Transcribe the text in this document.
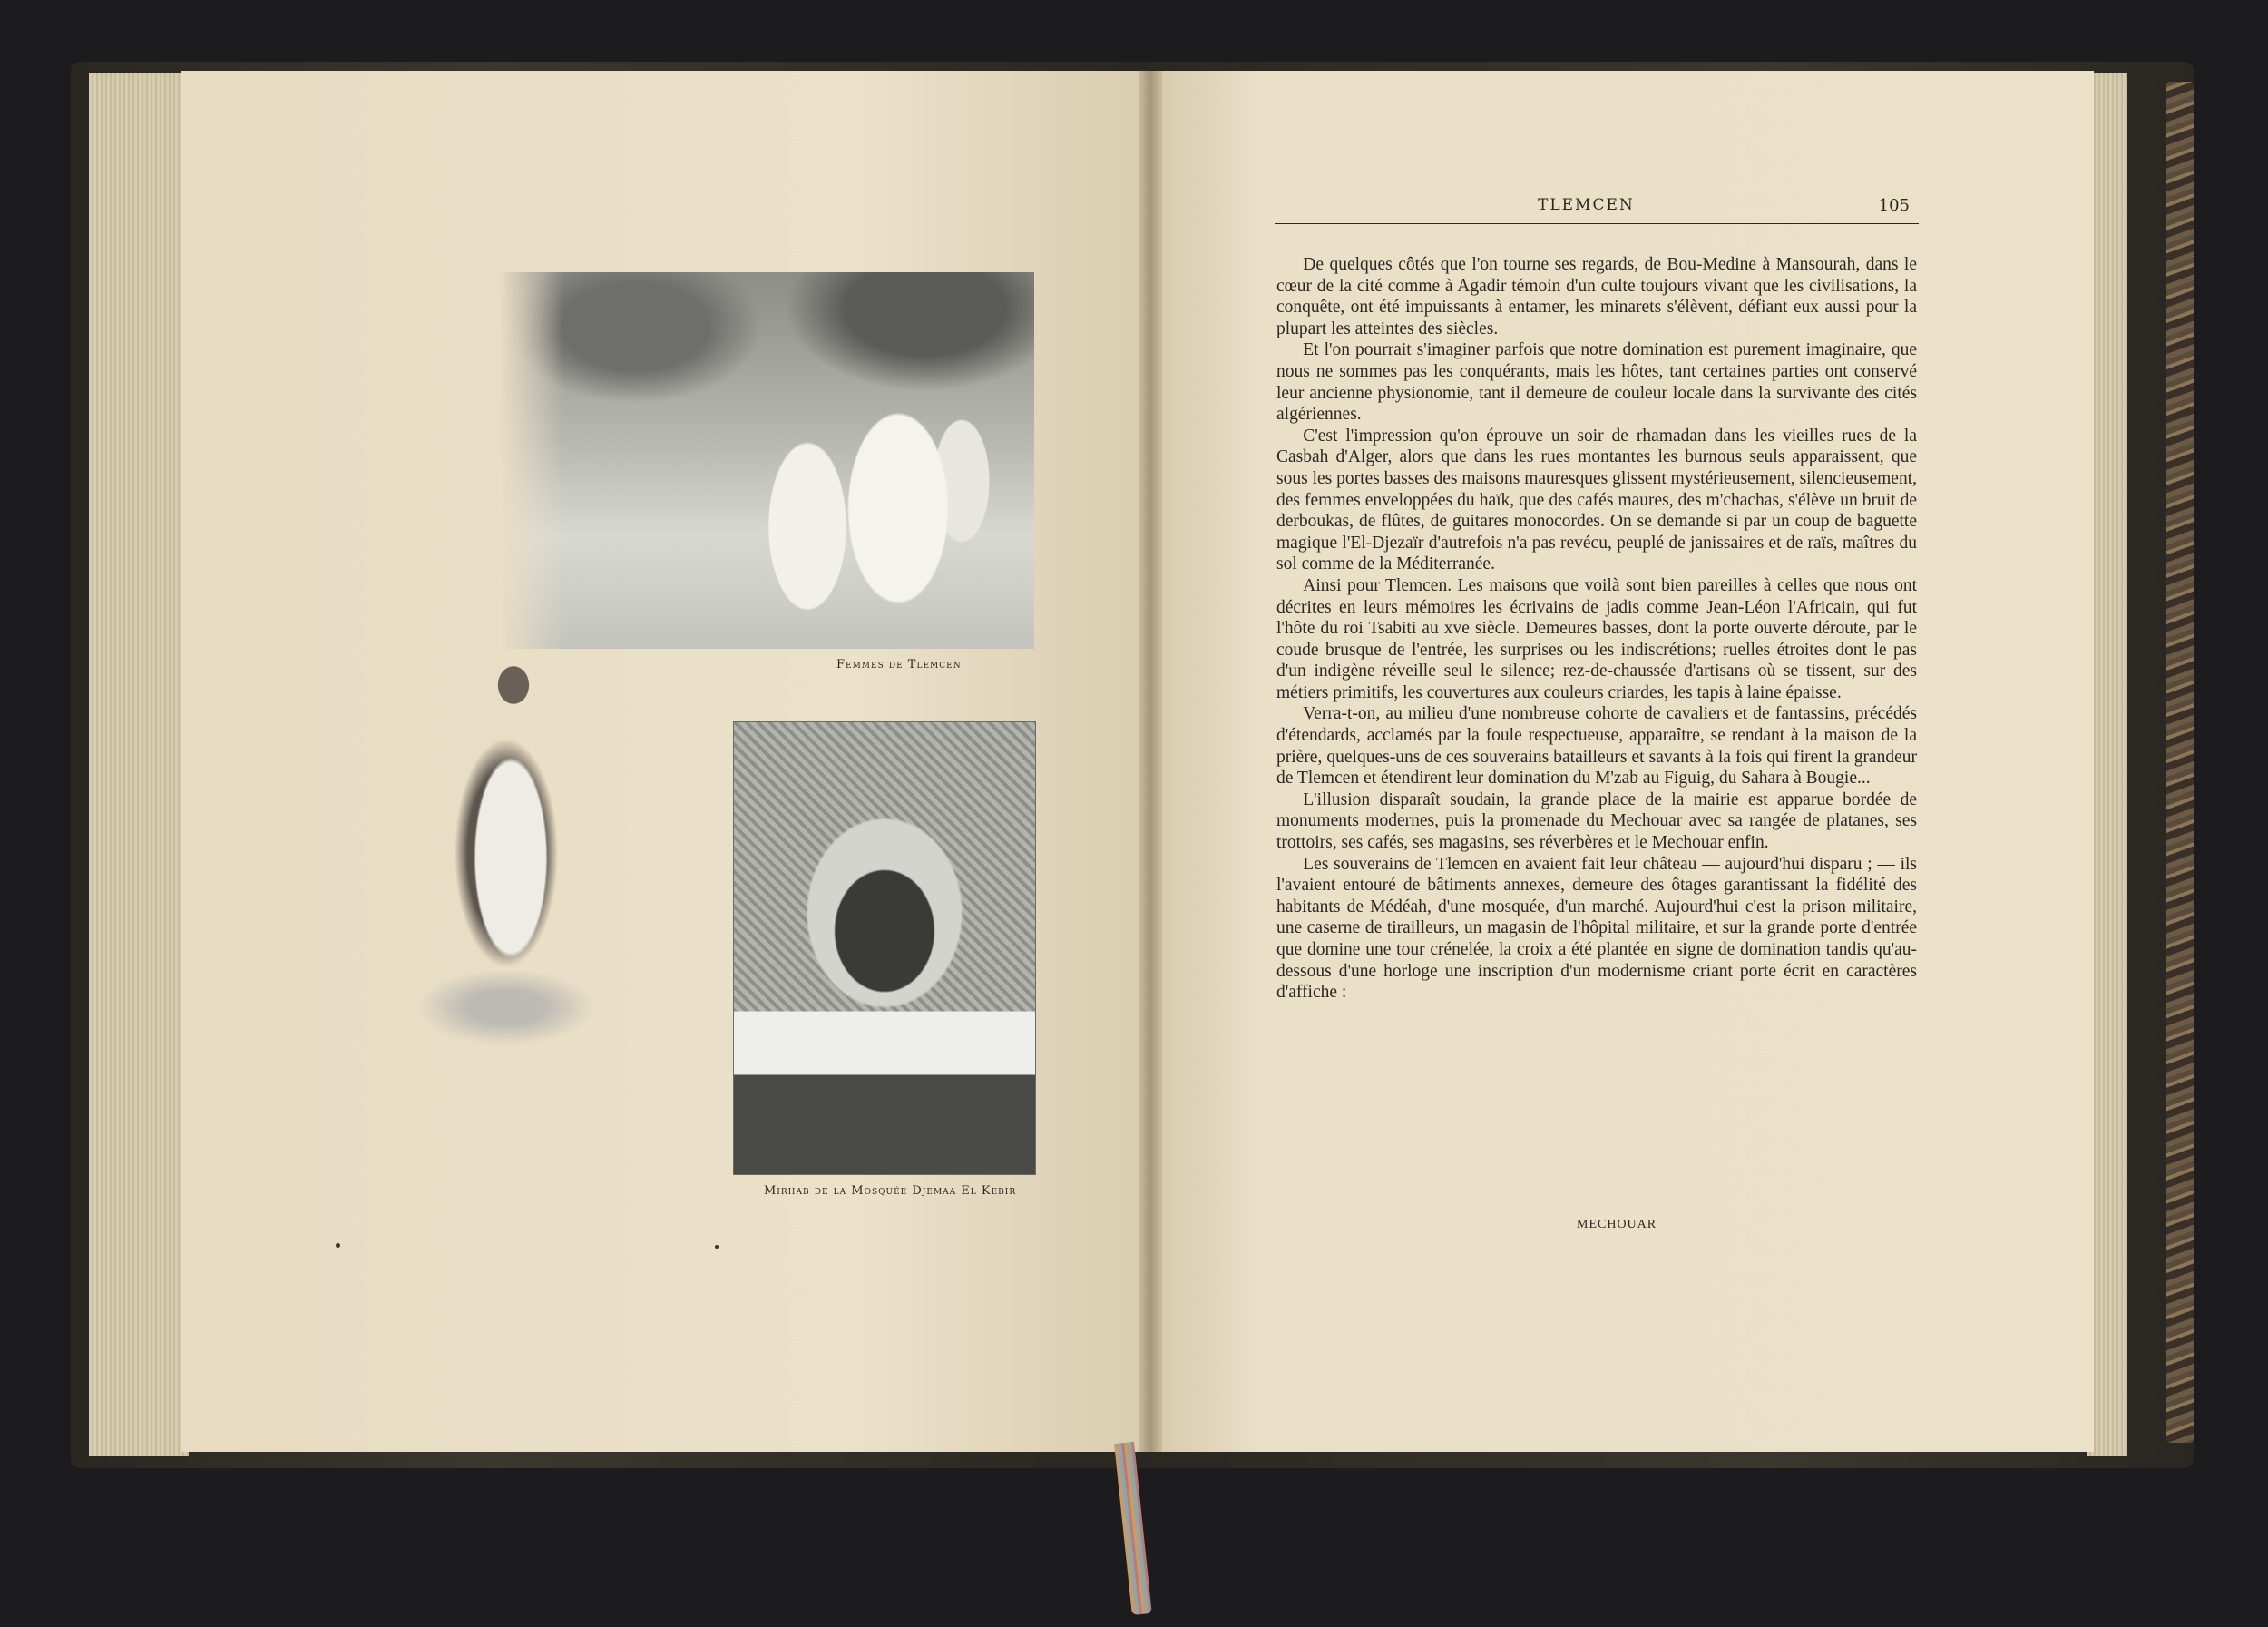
Femmes de Tlemcen
Mirhab de la Mosquée Djemaa El Kebir
TLEMCEN	105

De quelques côtés que l'on tourne ses regards, de Bou-Medine à Mansourah, dans le cœur de la cité comme à Agadir témoin d'un culte toujours vivant que les civilisations, la conquête, ont été impuissants à entamer, les minarets s'élèvent, défiant eux aussi pour la plupart les atteintes des siècles.

Et l'on pourrait s'imaginer parfois que notre domination est purement imaginaire, que nous ne sommes pas les conquérants, mais les hôtes, tant certaines parties ont conservé leur ancienne physionomie, tant il demeure de couleur locale dans la survivante des cités algériennes.

C'est l'impression qu'on éprouve un soir de rhamadan dans les vieilles rues de la Casbah d'Alger, alors que dans les rues montantes les burnous seuls apparaissent, que sous les portes basses des maisons mauresques glissent mystérieusement, silencieusement, des femmes enveloppées du haïk, que des cafés maures, des m'chachas, s'élève un bruit de derboukas, de flûtes, de guitares monocordes. On se demande si par un coup de baguette magique l'El-Djezaïr d'autrefois n'a pas revécu, peuplé de janissaires et de raïs, maîtres du sol comme de la Méditerranée.

Ainsi pour Tlemcen. Les maisons que voilà sont bien pareilles à celles que nous ont décrites en leurs mémoires les écrivains de jadis comme Jean-Léon l'Africain, qui fut l'hôte du roi Tsabiti au xve siècle. Demeures basses, dont la porte ouverte déroute, par le coude brusque de l'entrée, les surprises ou les indiscrétions; ruelles étroites dont le pas d'un indigène réveille seul le silence; rez-de-chaussée d'artisans où se tissent, sur des métiers primitifs, les couvertures aux couleurs criardes, les tapis à laine épaisse.

Verra-t-on, au milieu d'une nombreuse cohorte de cavaliers et de fantassins, précédés d'étendards, acclamés par la foule respectueuse, apparaître, se rendant à la maison de la prière, quelques-uns de ces souverains batailleurs et savants à la fois qui firent la grandeur de Tlemcen et étendirent leur domination du M'zab au Figuig, du Sahara à Bougie...

L'illusion disparaît soudain, la grande place de la mairie est apparue bordée de monuments modernes, puis la promenade du Mechouar avec sa rangée de platanes, ses trottoirs, ses cafés, ses magasins, ses réverbères et le Mechouar enfin.

Les souverains de Tlemcen en avaient fait leur château — aujourd'hui disparu ; — ils l'avaient entouré de bâtiments annexes, demeure des ôtages garantissant la fidélité des habitants de Médéah, d'une mosquée, d'un marché. Aujourd'hui c'est la prison militaire, une caserne de tirailleurs, un magasin de l'hôpital militaire, et sur la grande porte d'entrée que domine une tour crénelée, la croix a été plantée en signe de domination tandis qu'au-dessous d'une horloge une inscription d'un modernisme criant porte écrit en caractères d'affiche :

MECHOUAR
